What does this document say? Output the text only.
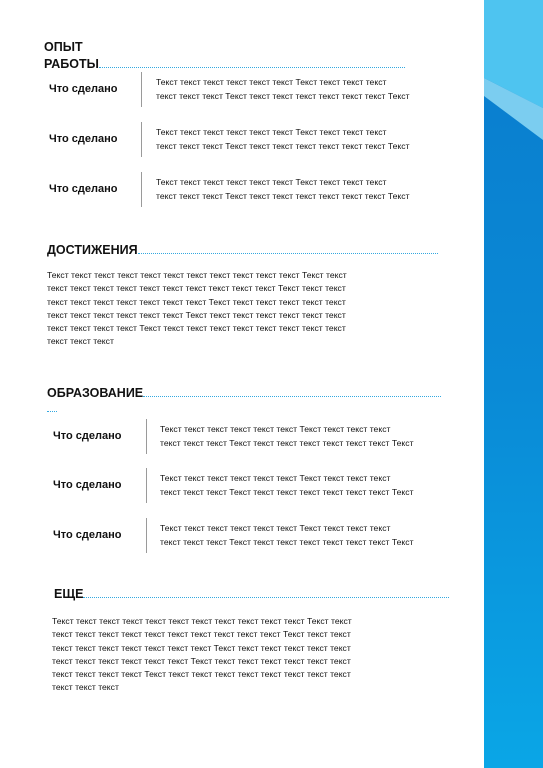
ОПЫТ
РАБОТЫ
Что сделано
Текст текст текст текст текст текст Текст текст текст текст
текст текст текст Текст текст текст текст текст текст текст Текст
Что сделано
Текст текст текст текст текст текст Текст текст текст текст
текст текст текст Текст текст текст текст текст текст текст Текст
Что сделано
Текст текст текст текст текст текст Текст текст текст текст
текст текст текст Текст текст текст текст текст текст текст Текст
ДОСТИЖЕНИЯ
Текст текст текст текст текст текст текст текст текст текст текст Текст текст
текст текст текст текст текст текст текст текст текст текст Текст текст текст
текст текст текст текст текст текст текст Текст текст текст текст текст текст
текст текст текст текст текст текст Текст текст текст текст текст текст текст
текст текст текст текст Текст текст текст текст текст текст текст текст текст
текст текст текст
ОБРАЗОВАНИЕ
Что сделано
Текст текст текст текст текст текст Текст текст текст текст
текст текст текст Текст текст текст текст текст текст текст Текст
Что сделано
Текст текст текст текст текст текст Текст текст текст текст
текст текст текст Текст текст текст текст текст текст текст Текст
Что сделано
Текст текст текст текст текст текст Текст текст текст текст
текст текст текст Текст текст текст текст текст текст текст Текст
ЕЩЕ
Текст текст текст текст текст текст текст текст текст текст текст Текст текст
текст текст текст текст текст текст текст текст текст текст Текст текст текст
текст текст текст текст текст текст текст Текст текст текст текст текст текст
текст текст текст текст текст текст Текст текст текст текст текст текст текст
текст текст текст текст Текст текст текст текст текст текст текст текст текст
текст текст текст
